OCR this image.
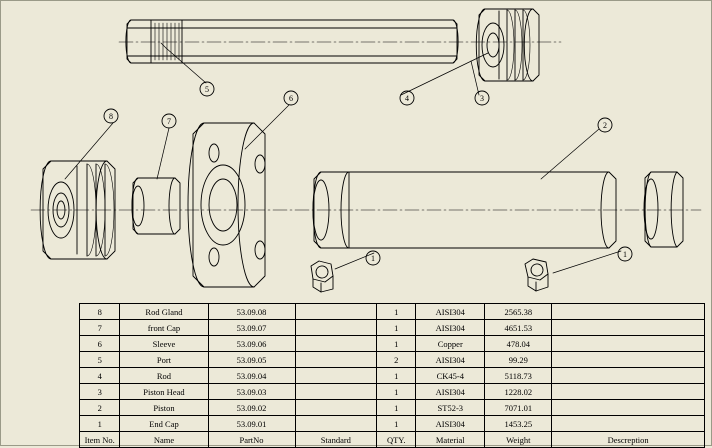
8
7
6
5
4	3
2
1	1
8	Rod Gland	53.09.08		1	AISI304	2565.38	
7	front Cap	53.09.07		1	AISI304	4651.53	
6	Sleeve	53.09.06		1	Copper	478.04	
5	Port	53.09.05		2	AISI304	99.29	
4	Rod	53.09.04		1	CK45-4	5118.73	
3	Piston Head	53.09.03		1	AISI304	1228.02	
2	Piston	53.09.02		1	ST52-3	7071.01	
1	End Cap	53.09.01		1	AISI304	1453.25	
Item No.	Name	PartNo	Standard	QTY.	Material	Weight	Descreption
